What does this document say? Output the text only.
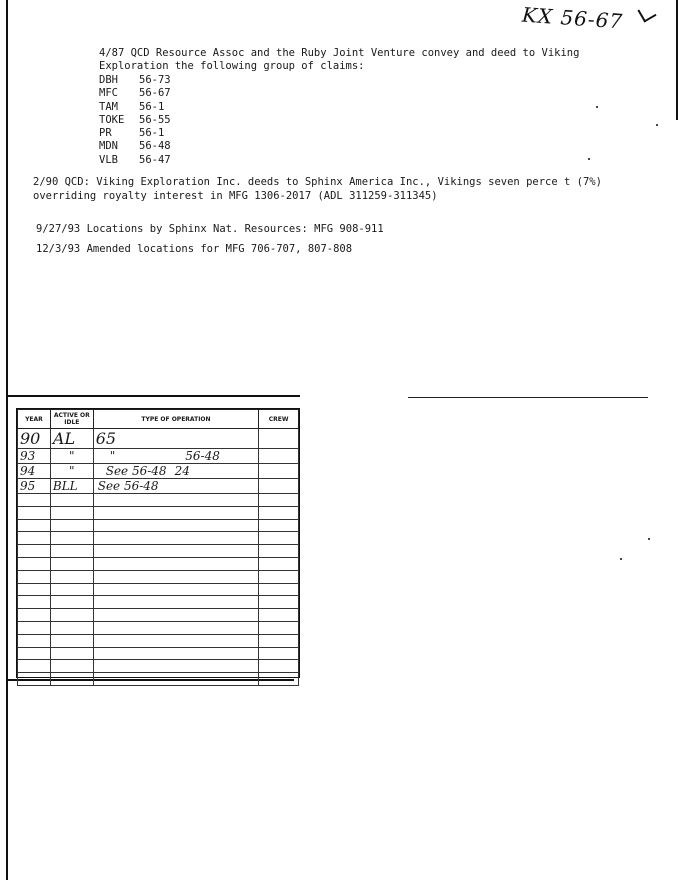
KX 56-67
4/87 QCD Resource Assoc and the Ruby Joint Venture convey and deed to Viking
Exploration the following group of claims:
DBH	56-73
MFC	56-67
TAM	56-1
TOKE	56-55
PR	56-1
MDN	56-48
VLB	56-47
2/90 QCD: Viking Exploration Inc. deeds to Sphinx America Inc., Vikings seven perce t (7%)
overriding royalty interest in MFG 1306-2017 (ADL 311259-311345)
9/27/93 Locations by Sphinx Nat. Resources: MFG 908-911
12/3/93 Amended locations for MFG 706-707, 807-808
YEAR	ACTIVE OR IDLE	TYPE OF OPERATION	CREW
90	AL	65	
93	"	" 56-48	
94	"	See 56-48 24	
95	BLL	See 56-48	
